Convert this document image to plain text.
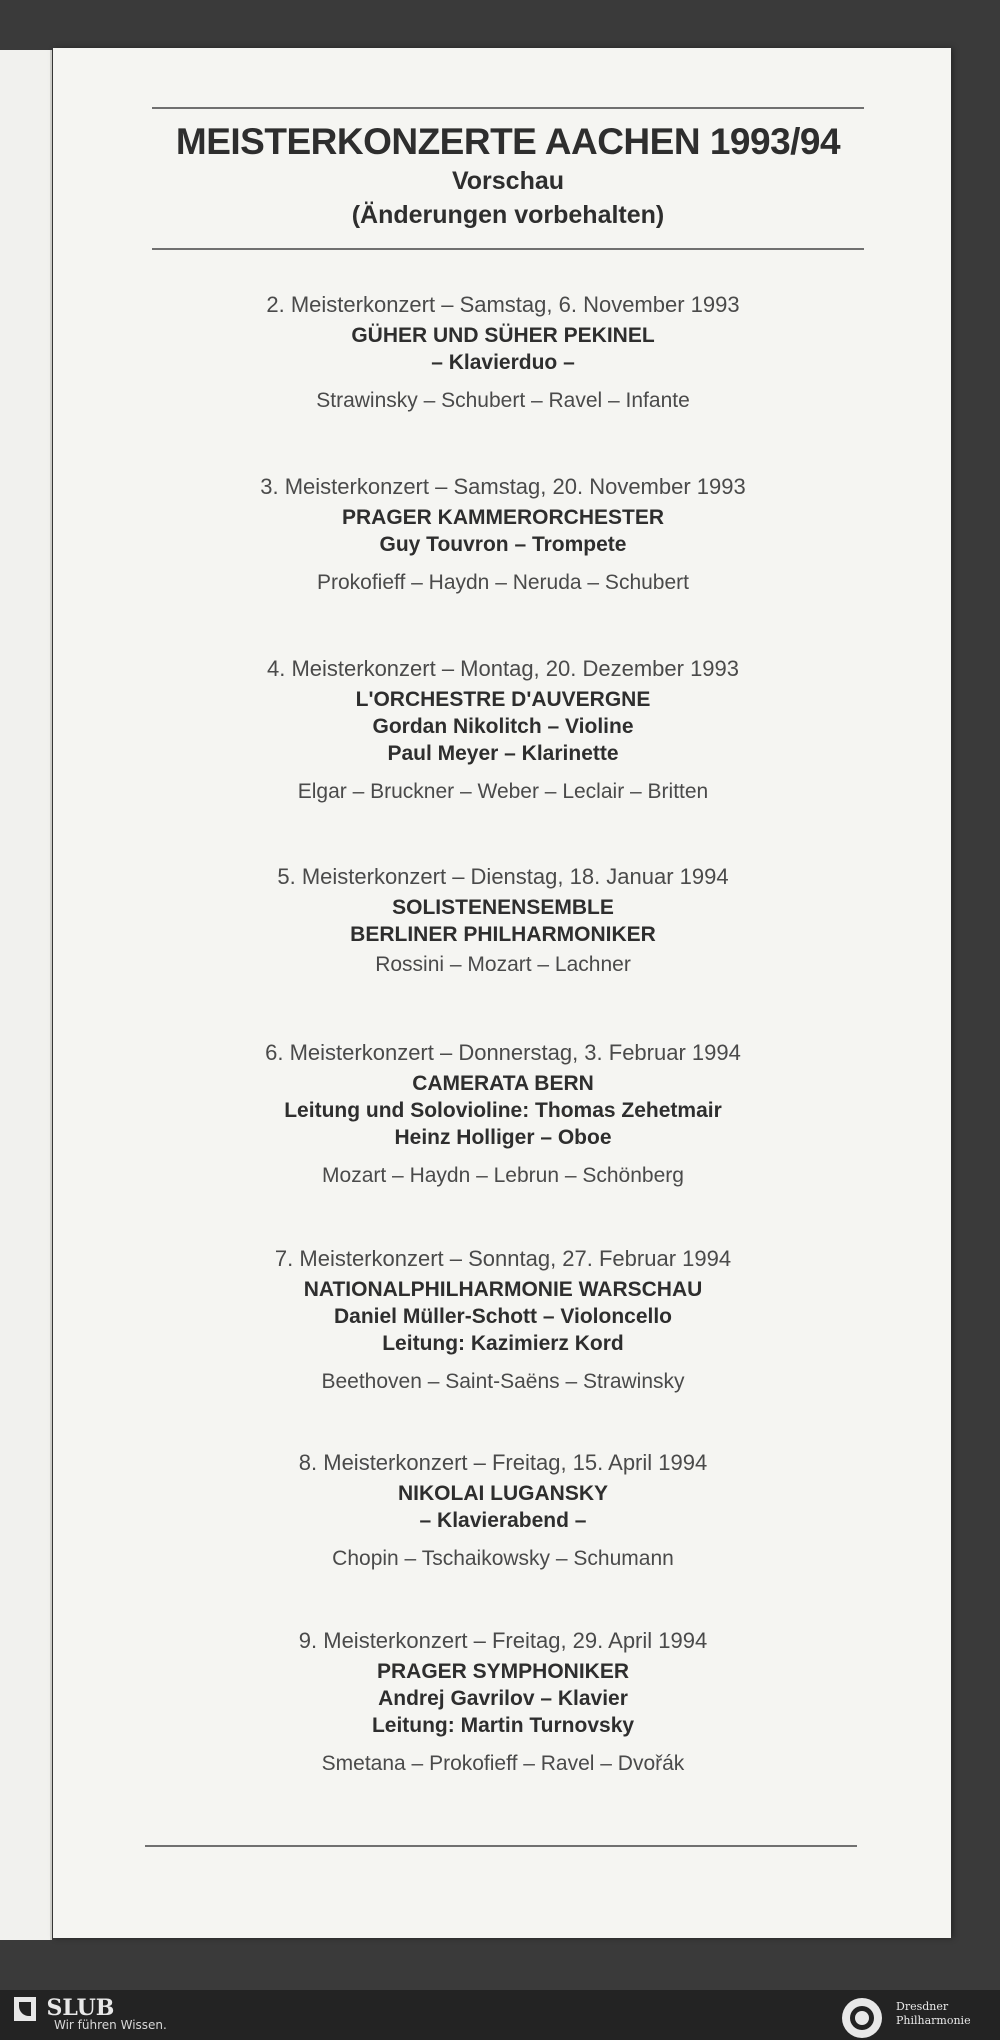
MEISTERKONZERTE AACHEN 1993/94
Vorschau
(Änderungen vorbehalten)
2. Meisterkonzert – Samstag, 6. November 1993
GÜHER UND SÜHER PEKINEL
– Klavierduo –
Strawinsky – Schubert – Ravel – Infante
3. Meisterkonzert – Samstag, 20. November 1993
PRAGER KAMMERORCHESTER
Guy Touvron – Trompete
Prokofieff – Haydn – Neruda – Schubert
4. Meisterkonzert – Montag, 20. Dezember 1993
L'ORCHESTRE D'AUVERGNE
Gordan Nikolitch – Violine
Paul Meyer – Klarinette
Elgar – Bruckner – Weber – Leclair – Britten
5. Meisterkonzert – Dienstag, 18. Januar 1994
SOLISTENENSEMBLE
BERLINER PHILHARMONIKER
Rossini – Mozart – Lachner
6. Meisterkonzert – Donnerstag, 3. Februar 1994
CAMERATA BERN
Leitung und Solovioline: Thomas Zehetmair
Heinz Holliger – Oboe
Mozart – Haydn – Lebrun – Schönberg
7. Meisterkonzert – Sonntag, 27. Februar 1994
NATIONALPHILHARMONIE WARSCHAU
Daniel Müller-Schott – Violoncello
Leitung: Kazimierz Kord
Beethoven – Saint-Saëns – Strawinsky
8. Meisterkonzert – Freitag, 15. April 1994
NIKOLAI LUGANSKY
– Klavierabend –
Chopin – Tschaikowsky – Schumann
9. Meisterkonzert – Freitag, 29. April 1994
PRAGER SYMPHONIKER
Andrej Gavrilov – Klavier
Leitung: Martin Turnovsky
Smetana – Prokofieff – Ravel – Dvořák
SLUB
Wir führen Wissen.
Dresdner
Philharmonie
